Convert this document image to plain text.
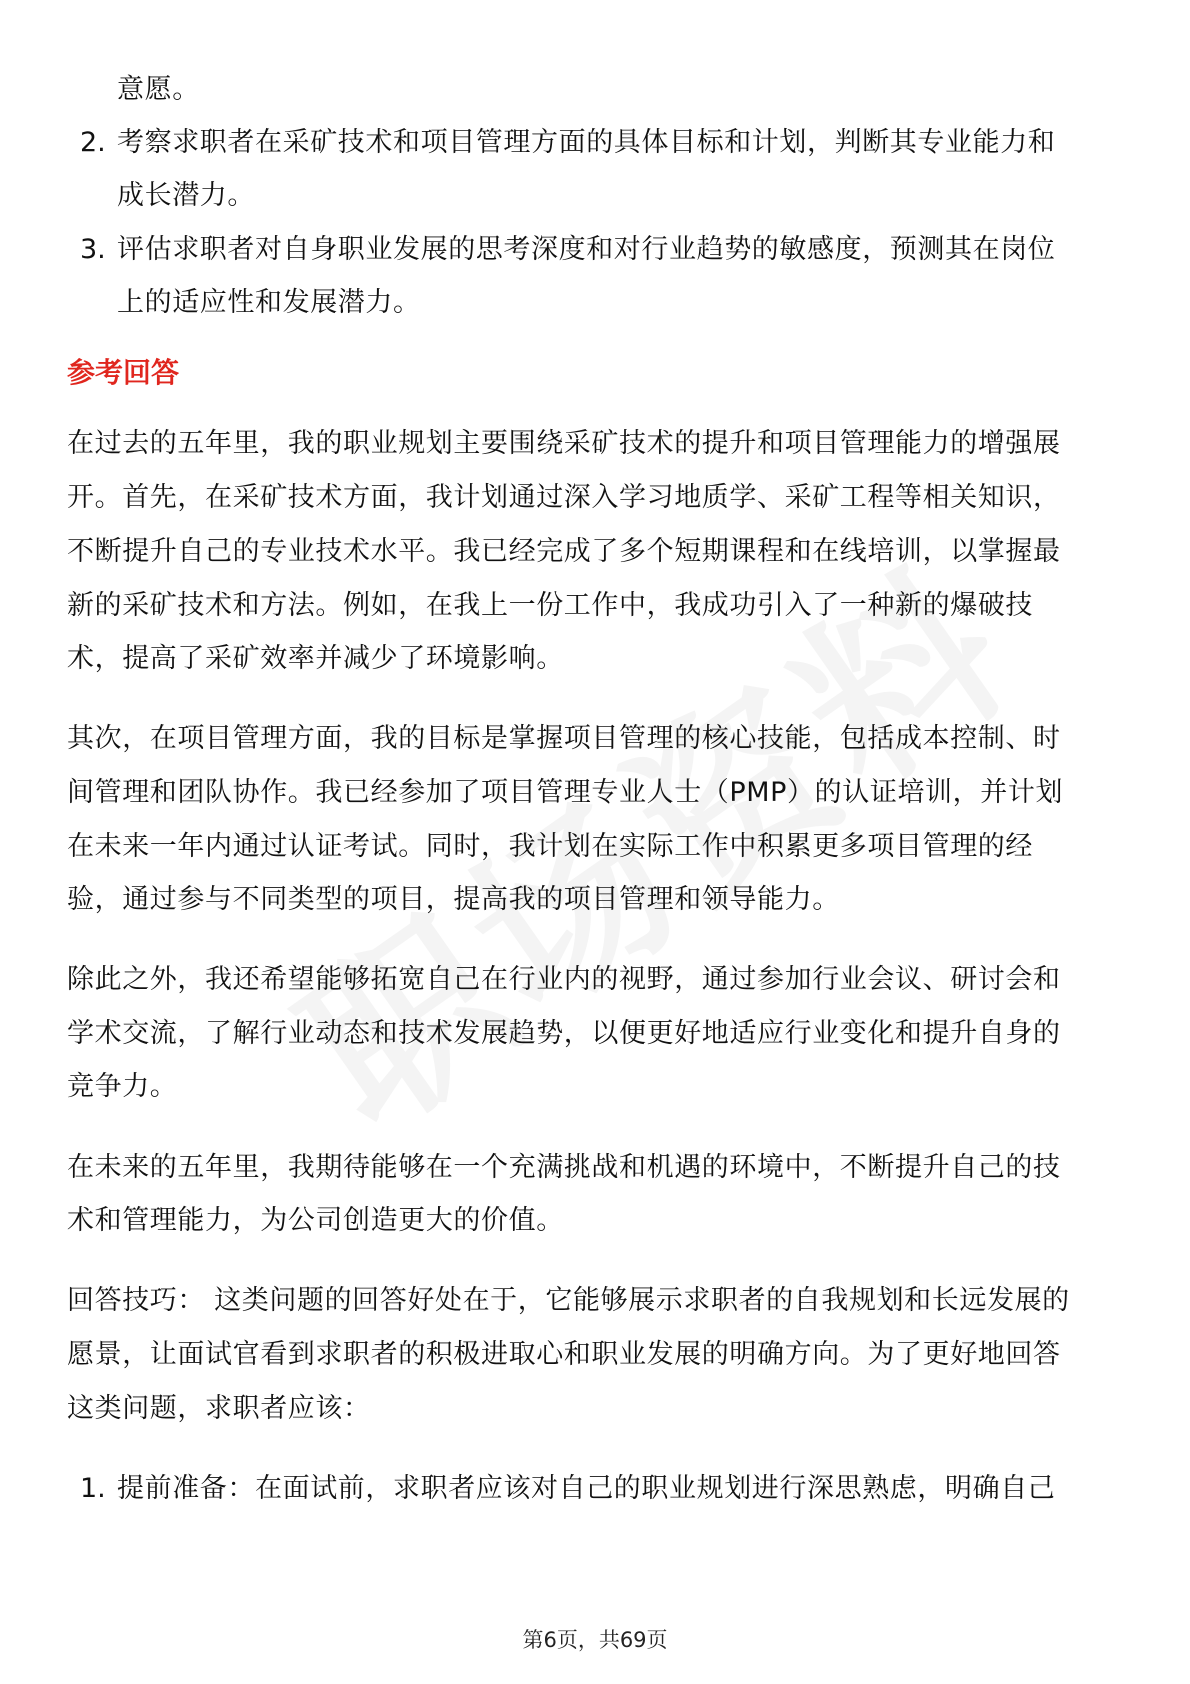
意愿。
2. 考察求职者在采矿技术和项目管理方面的具体目标和计划，判断其专业能力和
成长潜力。
3. 评估求职者对自身职业发展的思考深度和对行业趋势的敏感度，预测其在岗位
上的适应性和发展潜力。
参考回答
在过去的五年里，我的职业规划主要围绕采矿技术的提升和项目管理能力的增强展
开。首先，在采矿技术方面，我计划通过深入学习地质学、采矿工程等相关知识，
不断提升自己的专业技术水平。我已经完成了多个短期课程和在线培训，以掌握最
新的采矿技术和方法。例如，在我上一份工作中，我成功引入了一种新的爆破技
术，提高了采矿效率并减少了环境影响。
其次，在项目管理方面，我的目标是掌握项目管理的核心技能，包括成本控制、时
间管理和团队协作。我已经参加了项目管理专业人士（PMP）的认证培训，并计划
在未来一年内通过认证考试。同时，我计划在实际工作中积累更多项目管理的经
验，通过参与不同类型的项目，提高我的项目管理和领导能力。
除此之外，我还希望能够拓宽自己在行业内的视野，通过参加行业会议、研讨会和
学术交流，了解行业动态和技术发展趋势，以便更好地适应行业变化和提升自身的
竞争力。
在未来的五年里，我期待能够在一个充满挑战和机遇的环境中，不断提升自己的技
术和管理能力，为公司创造更大的价值。
回答技巧： 这类问题的回答好处在于，它能够展示求职者的自我规划和长远发展的
愿景，让面试官看到求职者的积极进取心和职业发展的明确方向。为了更好地回答
这类问题，求职者应该：
1. 提前准备：在面试前，求职者应该对自己的职业规划进行深思熟虑，明确自己
第6页，共69页
